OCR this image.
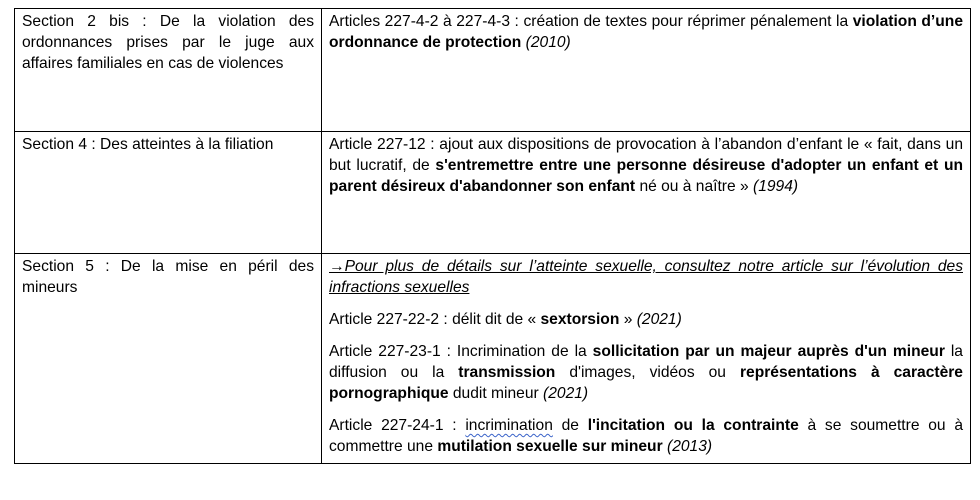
Section 2 bis : De la violation des ordonnances prises par le juge aux affaires familiales en cas de violences	Articles 227-4-2 à 227-4-3 : création de textes pour réprimer pénalement la violation d’une ordonnance de protection (2010)

Section 4 : Des atteintes à la filiation	Article 227-12 : ajout aux dispositions de provocation à l’abandon d’enfant le « fait, dans un but lucratif, de s'entremettre entre une personne désireuse d'adopter un enfant et un parent désireux d'abandonner son enfant né ou à naître » (1994)

Section 5 : De la mise en péril des mineurs	→Pour plus de détails sur l’atteinte sexuelle, consultez notre article sur l’évolution des infractions sexuelles

Article 227-22-2 : délit dit de « sextorsion » (2021)

Article 227-23-1 : Incrimination de la sollicitation par un majeur auprès d'un mineur la diffusion ou la transmission d'images, vidéos ou représentations à caractère pornographique dudit mineur (2021)

Article 227-24-1 : incrimination de l'incitation ou la contrainte à se soumettre ou à commettre une mutilation sexuelle sur mineur (2013)
